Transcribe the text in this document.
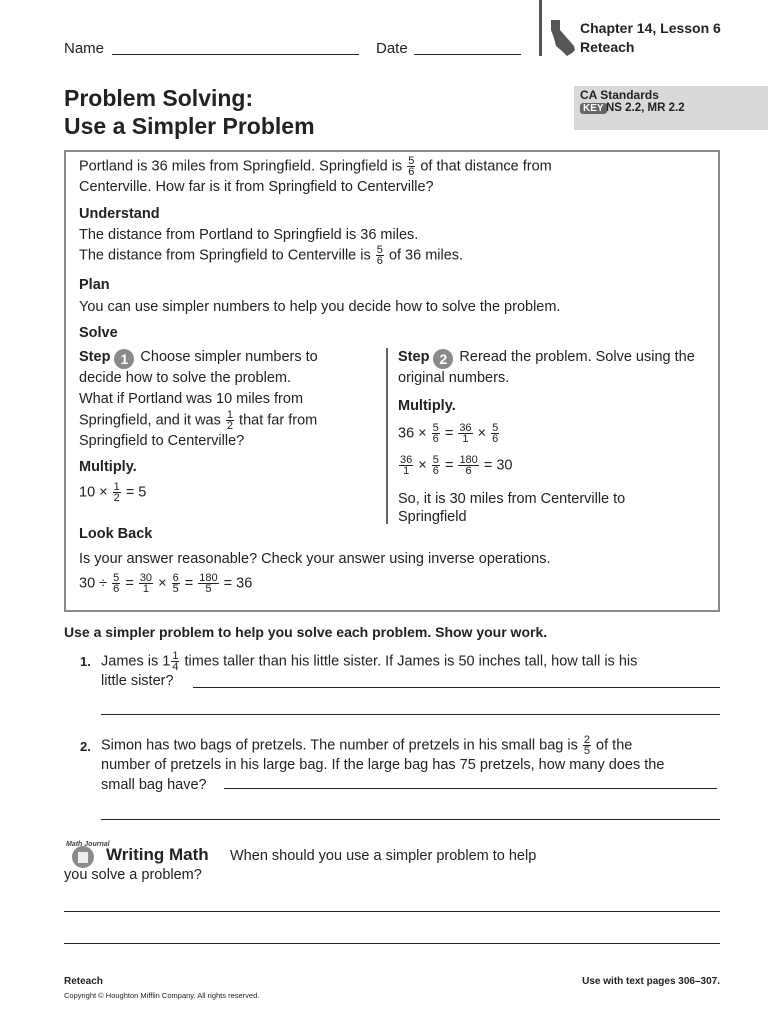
Name	Date
Chapter 14, Lesson 6
Reteach
Problem Solving:
Use a Simpler Problem
CA Standards
KEY NS 2.2, MR 2.2
Portland is 36 miles from Springfield. Springfield is $\frac{5}{6}$ of that distance from
Centerville. How far is it from Springfield to Centerville?
Understand
The distance from Portland to Springfield is 36 miles.
The distance from Springfield to Centerville is $\frac{5}{6}$ of 36 miles.
Plan
You can use simpler numbers to help you decide how to solve the problem.
Solve
Step 1 Choose simpler numbers to
decide how to solve the problem.
What if Portland was 10 miles from
Springfield, and it was $\frac{1}{2}$ that far from
Springfield to Centerville?
Multiply.
$10 \times \frac{1}{2} = 5$
Step 2 Reread the problem. Solve using the
original numbers.
Multiply.
$36 \times \frac{5}{6} = \frac{36}{1} \times \frac{5}{6}$
$\frac{36}{1} \times \frac{5}{6} = \frac{180}{6} = 30$
So, it is 30 miles from Centerville to
Springfield
Look Back
Is your answer reasonable? Check your answer using inverse operations.
$30 \div \frac{5}{6} = \frac{30}{1} \times \frac{6}{5} = \frac{180}{5} = 36$
Use a simpler problem to help you solve each problem. Show your work.
1. James is $1 \frac{1}{4}$ times taller than his little sister. If James is 50 inches tall, how tall is his
little sister?
2. Simon has two bags of pretzels. The number of pretzels in his small bag is $\frac{2}{5}$ of the
number of pretzels in his large bag. If the large bag has 75 pretzels, how many does the
small bag have?
Math Journal
Writing Math When should you use a simpler problem to help
you solve a problem?
Reteach
Copyright © Houghton Mifflin Company. All rights reserved.
Use with text pages 306–307.
